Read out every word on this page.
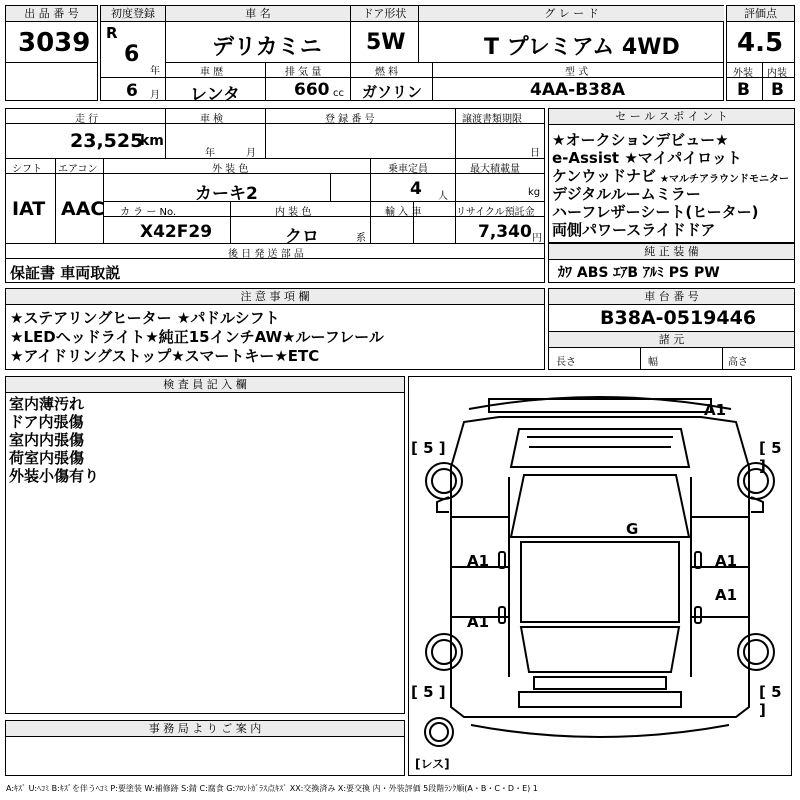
出 品 番 号
3039
初度登録
R
6
年
6 月
車 名
デリカミニ
ドア形状
5W
グ レ ー ド
T プレミアム 4WD
車 歴
レンタ
排 気 量
660 cc
燃 料
ガソリン
型 式
4AA-B38A
評価点
4.5
外装 内装
B B
走 行
23,525
km
車 検
年	月
登 録 番 号	譲渡書類期限
日
シフト エアコン
IAT AAC
外 装 色
カーキ2
乗車定員
4 人
最大積載量
kg
カ ラ ー No.
X42F29
内 装 色
クロ	系
輸 入 車	リサイクル預託金
7,340 円
後 日 発 送 部 品
保証書 車両取説
セ ー ル ス ポ イ ン ト
★オークションデビュー★
e-Assist ★マイパイロット
ケンウッドナビ ★マルチアラウンドモニター
デジタルルームミラー
ハーフレザーシート(ヒーター)
両側パワースライドドア
純 正 装 備
ｶﾜ ABS ｴｱB ｱﾙﾐ PS PW
注 意 事 項 欄
★ステアリングヒーター ★パドルシフト
★LEDヘッドライト★純正15インチAW★ルーフレール
★アイドリングストップ★スマートキー★ETC
車 台 番 号
B38A-0519446
諸 元
長さ	幅	高さ
検 査 員 記 入 欄
室内薄汚れ
ドア内張傷
室内内張傷
荷室内張傷
外装小傷有り
事 務 局 よ り ご 案 内
A1
G
A1	A1
A1
A1
[ 5 ]	[ 5 ]
[ 5 ]	[ 5 ]
[レス]
A:ｷｽﾞ U:ﾍｺﾐ B:ｷｽﾞを伴うﾍｺﾐ P:要塗装 W:補修跡 S:錆 C:腐食 G:ﾌﾛﾝﾄｶﾞﾗｽ点ｷｽﾞ XX:交換済み X:要交換 内・外装評価 5段階ﾗﾝｸ順(A・B・C・D・E) 1
